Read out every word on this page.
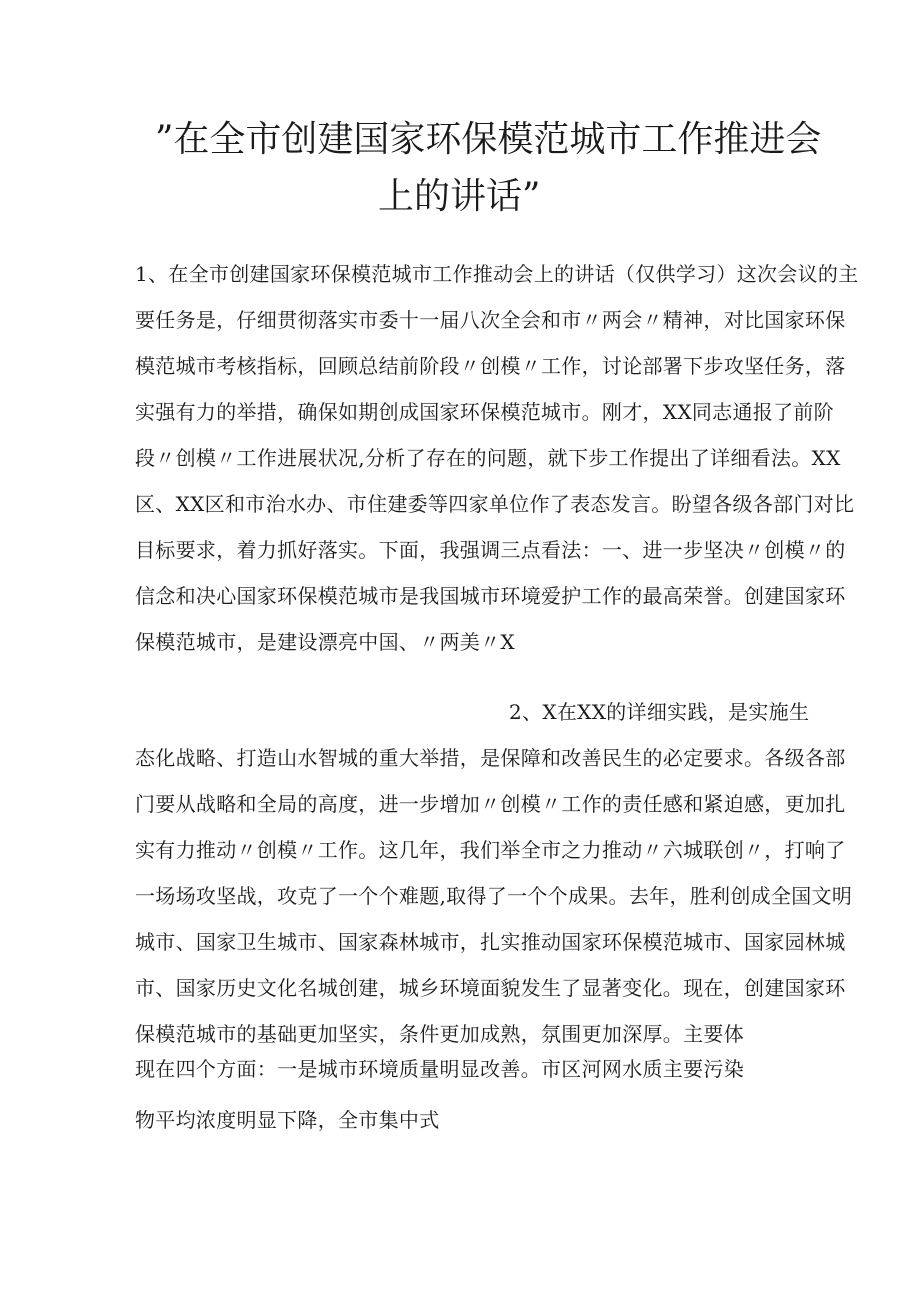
”在全市创建国家环保模范城市工作推进会
上的讲话”
1、在全市创建国家环保模范城市工作推动会上的讲话（仅供学习）这次会议的主
要任务是，仔细贯彻落实市委十一届八次全会和市〃两会〃精神，对比国家环保
模范城市考核指标，回顾总结前阶段〃创模〃工作，讨论部署下步攻坚任务，落
实强有力的举措，确保如期创成国家环保模范城市。刚才，XX同志通报了前阶
段〃创模〃工作进展状况,分析了存在的问题，就下步工作提出了详细看法。XX
区、XX区和市治水办、市住建委等四家单位作了表态发言。盼望各级各部门对比
目标要求，着力抓好落实。下面，我强调三点看法：一、进一步坚决〃创模〃的
信念和决心国家环保模范城市是我国城市环境爱护工作的最高荣誉。创建国家环
保模范城市，是建设漂亮中国、〃两美〃X
2、X在XX的详细实践，是实施生
态化战略、打造山水智城的重大举措，是保障和改善民生的必定要求。各级各部
门要从战略和全局的高度，进一步增加〃创模〃工作的责任感和紧迫感，更加扎
实有力推动〃创模〃工作。这几年，我们举全市之力推动〃六城联创〃，打响了
一场场攻坚战，攻克了一个个难题,取得了一个个成果。去年，胜利创成全国文明
城市、国家卫生城市、国家森林城市，扎实推动国家环保模范城市、国家园林城
市、国家历史文化名城创建，城乡环境面貌发生了显著变化。现在，创建国家环
保模范城市的基础更加坚实，条件更加成熟，氛围更加深厚。主要体
现在四个方面：一是城市环境质量明显改善。市区河网水质主要污染
物平均浓度明显下降，全市集中式
